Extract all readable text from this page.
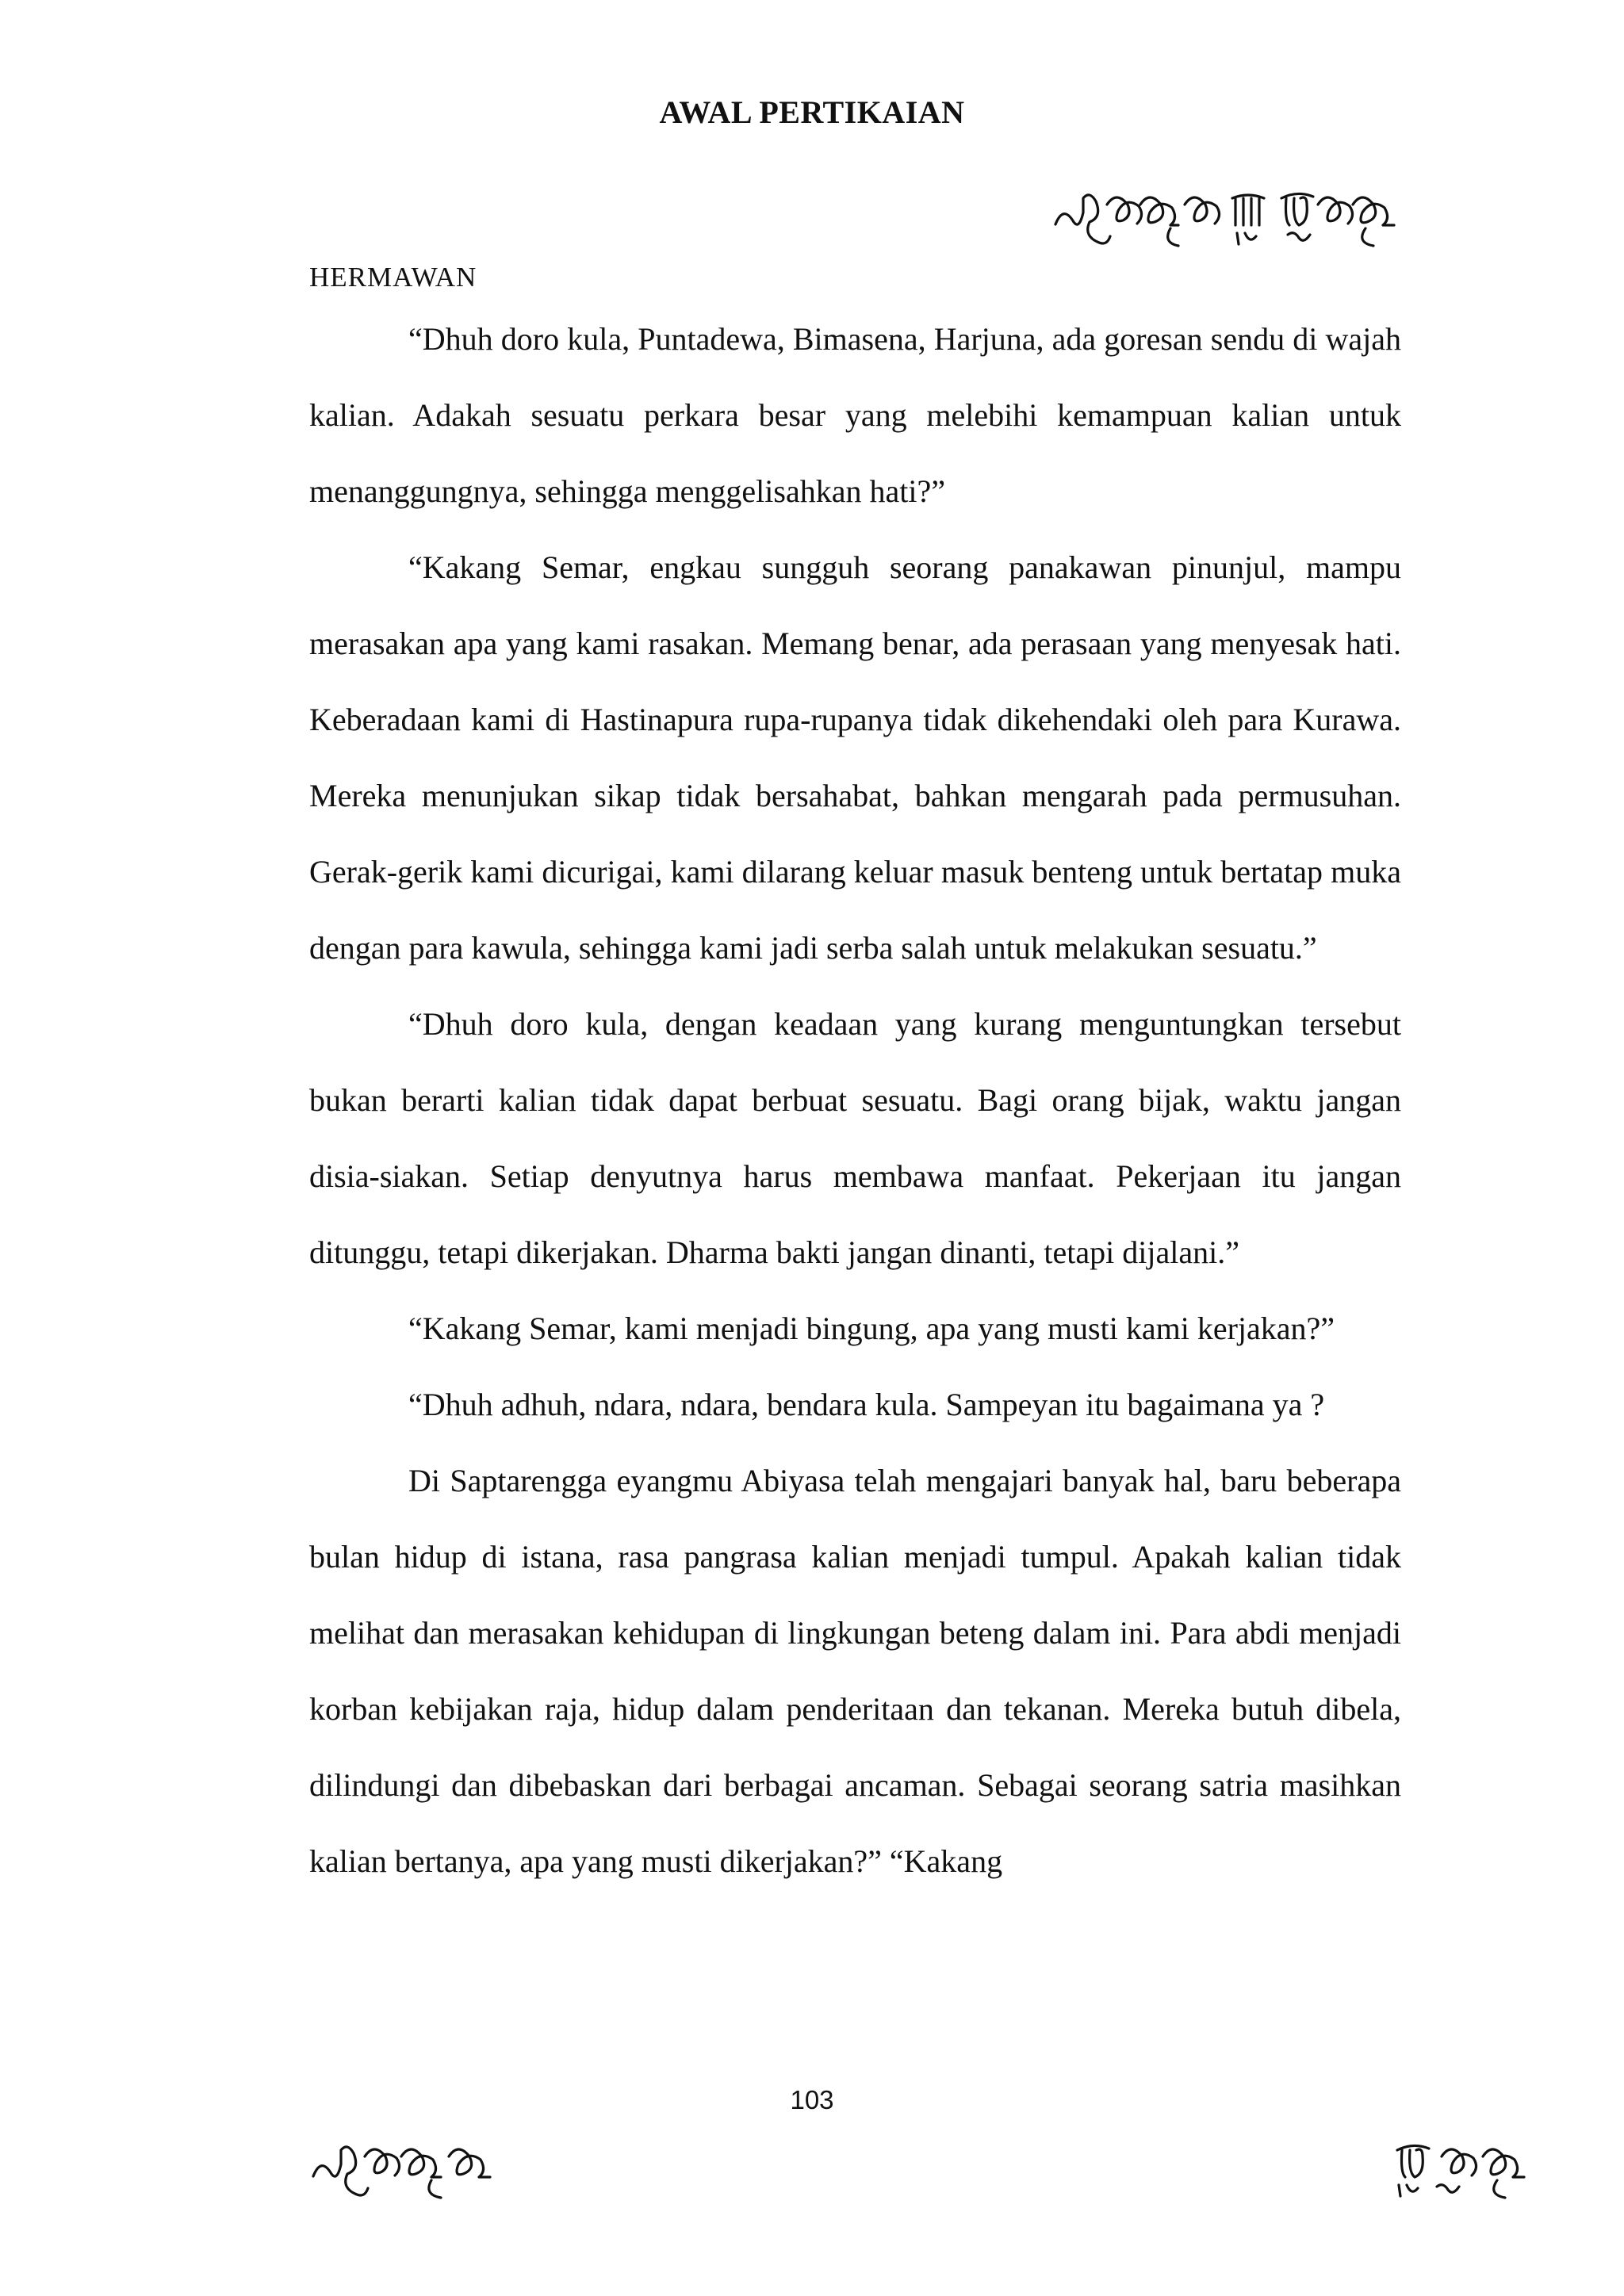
AWAL PERTIKAIAN
HERMAWAN

“Dhuh doro kula, Puntadewa, Bimasena, Harjuna, ada goresan sendu di wajah kalian. Adakah sesuatu perkara besar yang melebihi kemampuan kalian untuk menanggungnya, sehingga menggelisahkan hati?”

“Kakang Semar, engkau sungguh seorang panakawan pinunjul, mampu merasakan apa yang kami rasakan. Memang benar, ada perasaan yang menyesak hati. Keberadaan kami di Hastinapura rupa-rupanya tidak dikehendaki oleh para Kurawa. Mereka menunjukan sikap tidak bersahabat, bahkan mengarah pada permusuhan. Gerak-gerik kami dicurigai, kami dilarang keluar masuk benteng untuk bertatap muka dengan para kawula, sehingga kami jadi serba salah untuk melakukan sesuatu.”

“Dhuh doro kula, dengan keadaan yang kurang menguntungkan tersebut bukan berarti kalian tidak dapat berbuat sesuatu. Bagi orang bijak, waktu jangan disia-siakan. Setiap denyutnya harus membawa manfaat. Pekerjaan itu jangan ditunggu, tetapi dikerjakan. Dharma bakti jangan dinanti, tetapi dijalani.”

“Kakang Semar, kami menjadi bingung, apa yang musti kami kerjakan?”

“Dhuh adhuh, ndara, ndara, bendara kula. Sampeyan itu bagaimana ya ?

Di Saptarengga eyangmu Abiyasa telah mengajari banyak hal, baru beberapa bulan hidup di istana, rasa pangrasa kalian menjadi tumpul. Apakah kalian tidak melihat dan merasakan kehidupan di lingkungan beteng dalam ini. Para abdi menjadi korban kebijakan raja, hidup dalam penderitaan dan tekanan. Mereka butuh dibela, dilindungi dan dibebaskan dari berbagai ancaman. Sebagai seorang satria masihkan kalian bertanya, apa yang musti dikerjakan?” “Kakang

103
